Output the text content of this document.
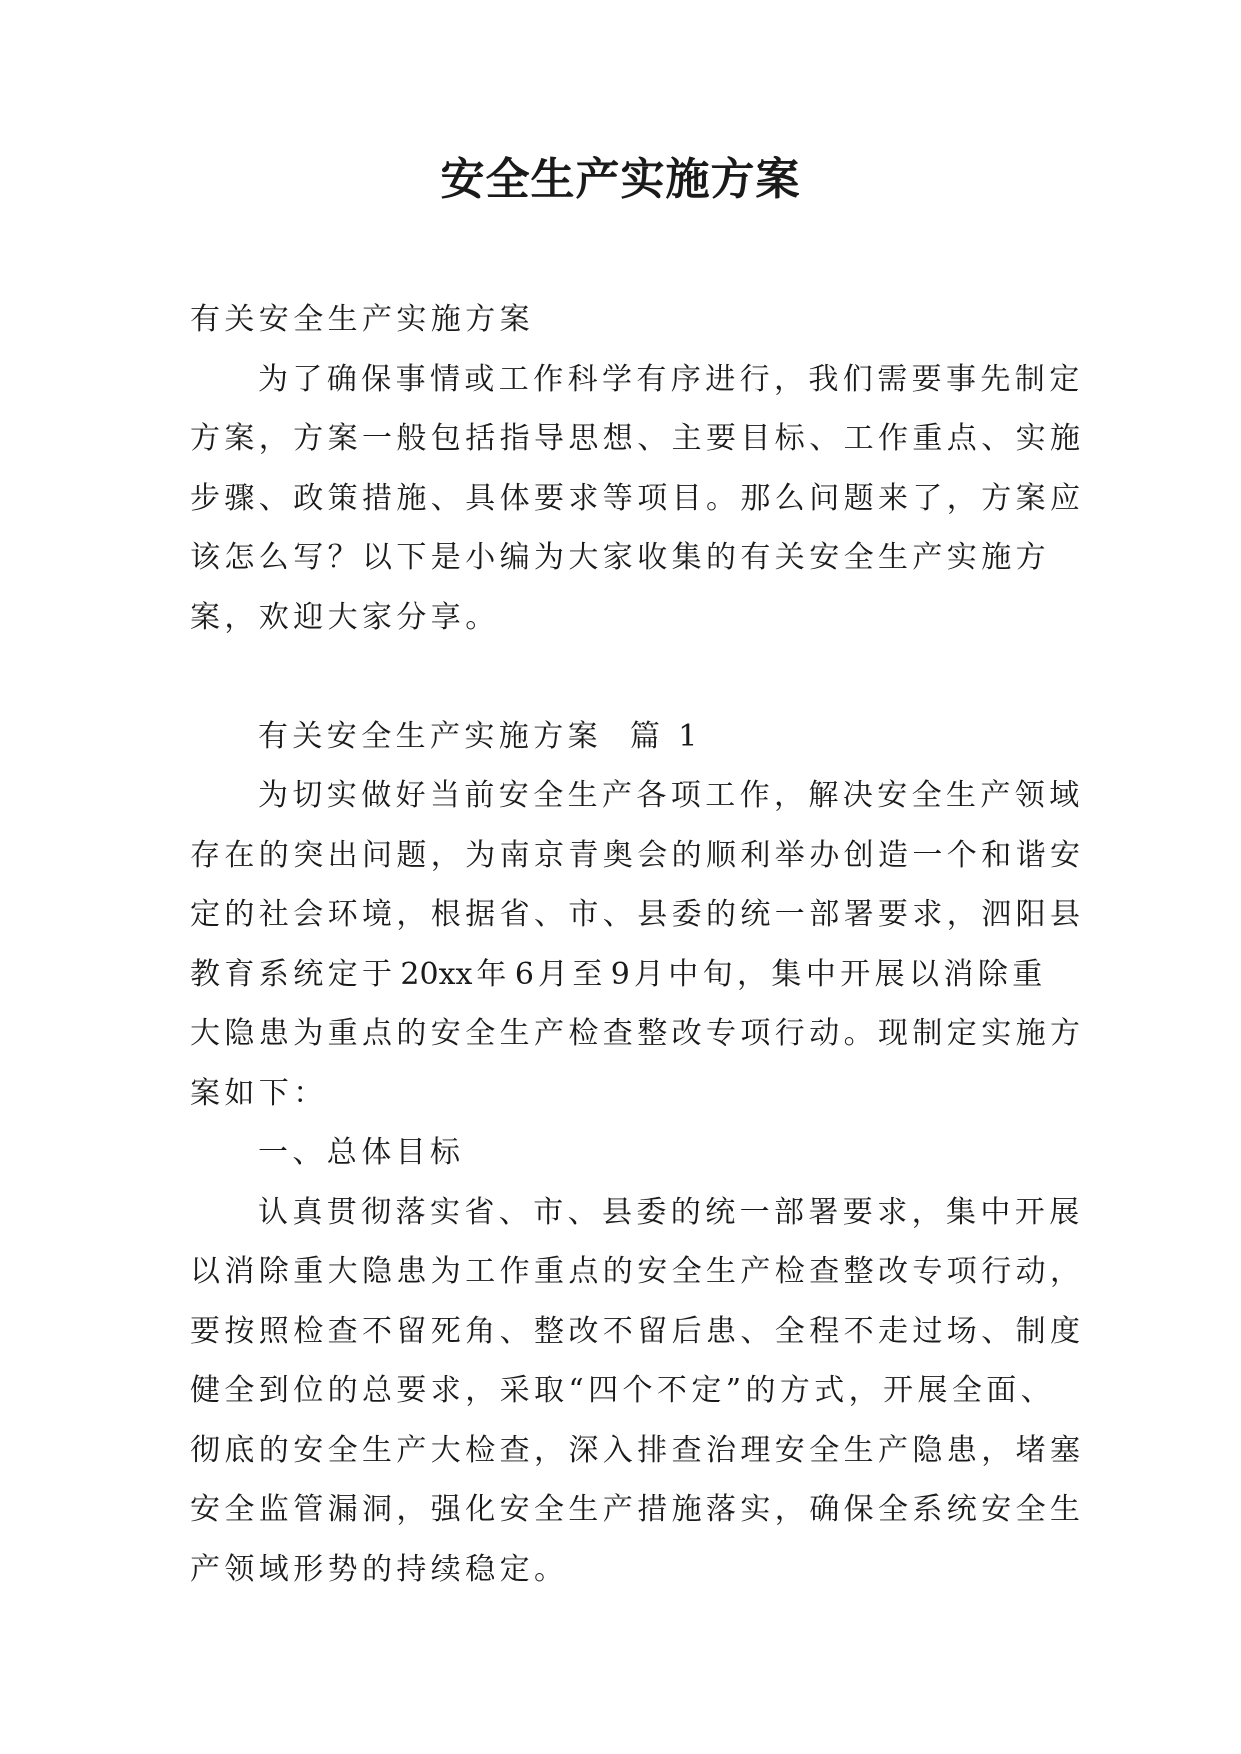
安全生产实施方案
有关安全生产实施方案
为了确保事情或工作科学有序进行，我们需要事先制定
方案，方案一般包括指导思想、主要目标、工作重点、实施
步骤、政策措施、具体要求等项目。那么问题来了，方案应
该怎么写？以下是小编为大家收集的有关安全生产实施方
案，欢迎大家分享。
有关安全生产实施方案  篇 1
为切实做好当前安全生产各项工作，解决安全生产领域
存在的突出问题，为南京青奥会的顺利举办创造一个和谐安
定的社会环境，根据省、市、县委的统一部署要求，泗阳县
教育系统定于 20xx 年 6 月至 9 月中旬，集中开展以消除重
大隐患为重点的安全生产检查整改专项行动。现制定实施方
案如下：
一、总体目标
认真贯彻落实省、市、县委的统一部署要求，集中开展
以消除重大隐患为工作重点的安全生产检查整改专项行动，
要按照检查不留死角、整改不留后患、全程不走过场、制度
健全到位的总要求，采取“四个不定”的方式，开展全面、
彻底的安全生产大检查，深入排查治理安全生产隐患，堵塞
安全监管漏洞，强化安全生产措施落实，确保全系统安全生
产领域形势的持续稳定。
